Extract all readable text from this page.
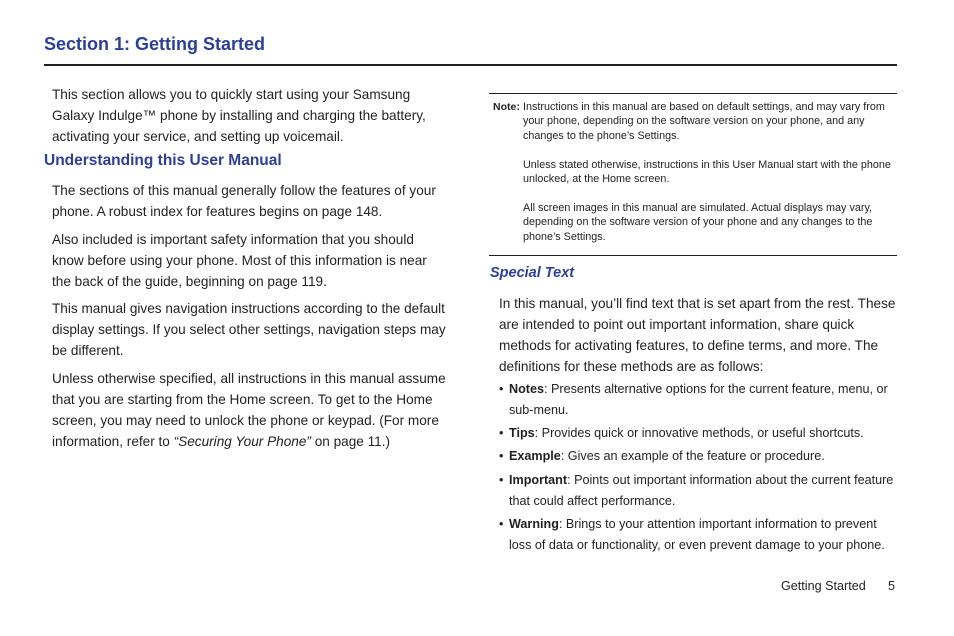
Section 1: Getting Started

This section allows you to quickly start using your Samsung Galaxy Indulge™ phone by installing and charging the battery, activating your service, and setting up voicemail.

Understanding this User Manual

The sections of this manual generally follow the features of your phone. A robust index for features begins on page 148.

Also included is important safety information that you should know before using your phone. Most of this information is near the back of the guide, beginning on page 119.

This manual gives navigation instructions according to the default display settings. If you select other settings, navigation steps may be different.

Unless otherwise specified, all instructions in this manual assume that you are starting from the Home screen. To get to the Home screen, you may need to unlock the phone or keypad. (For more information, refer to “Securing Your Phone” on page 11.)

Note: Instructions in this manual are based on default settings, and may vary from your phone, depending on the software version on your phone, and any changes to the phone’s Settings.

Unless stated otherwise, instructions in this User Manual start with the phone unlocked, at the Home screen.

All screen images in this manual are simulated. Actual displays may vary, depending on the software version of your phone and any changes to the phone’s Settings.

Special Text

In this manual, you’ll find text that is set apart from the rest. These are intended to point out important information, share quick methods for activating features, to define terms, and more. The definitions for these methods are as follows:

• Notes: Presents alternative options for the current feature, menu, or sub-menu.
• Tips: Provides quick or innovative methods, or useful shortcuts.
• Example: Gives an example of the feature or procedure.
• Important: Points out important information about the current feature that could affect performance.
• Warning: Brings to your attention important information to prevent loss of data or functionality, or even prevent damage to your phone.
Getting Started 5
